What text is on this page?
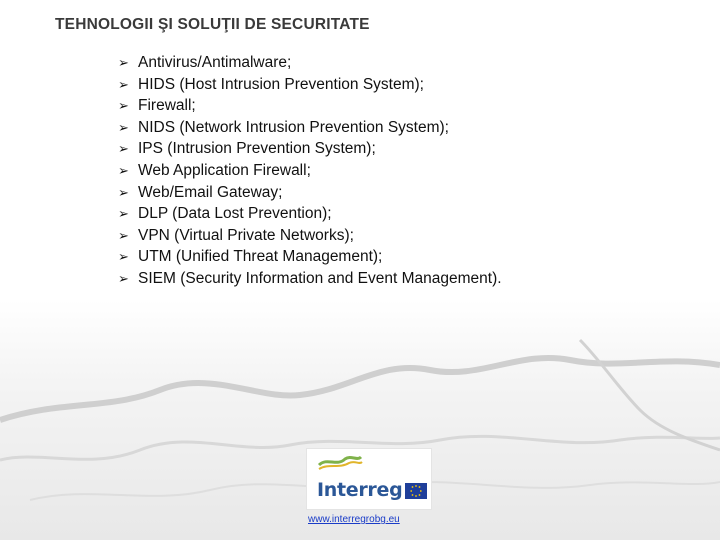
TEHNOLOGII ŞI SOLUŢII DE SECURITATE
➢ Antivirus/Antimalware;
➢ HIDS (Host Intrusion Prevention System);
➢ Firewall;
➢ NIDS (Network Intrusion Prevention System);
➢ IPS (Intrusion Prevention System);
➢ Web Application Firewall;
➢ Web/Email Gateway;
➢ DLP (Data Lost Prevention);
➢ VPN (Virtual Private Networks);
➢ UTM (Unified Threat Management);
➢ SIEM (Security Information and Event Management).
Interreg
www.interregrobg.eu
